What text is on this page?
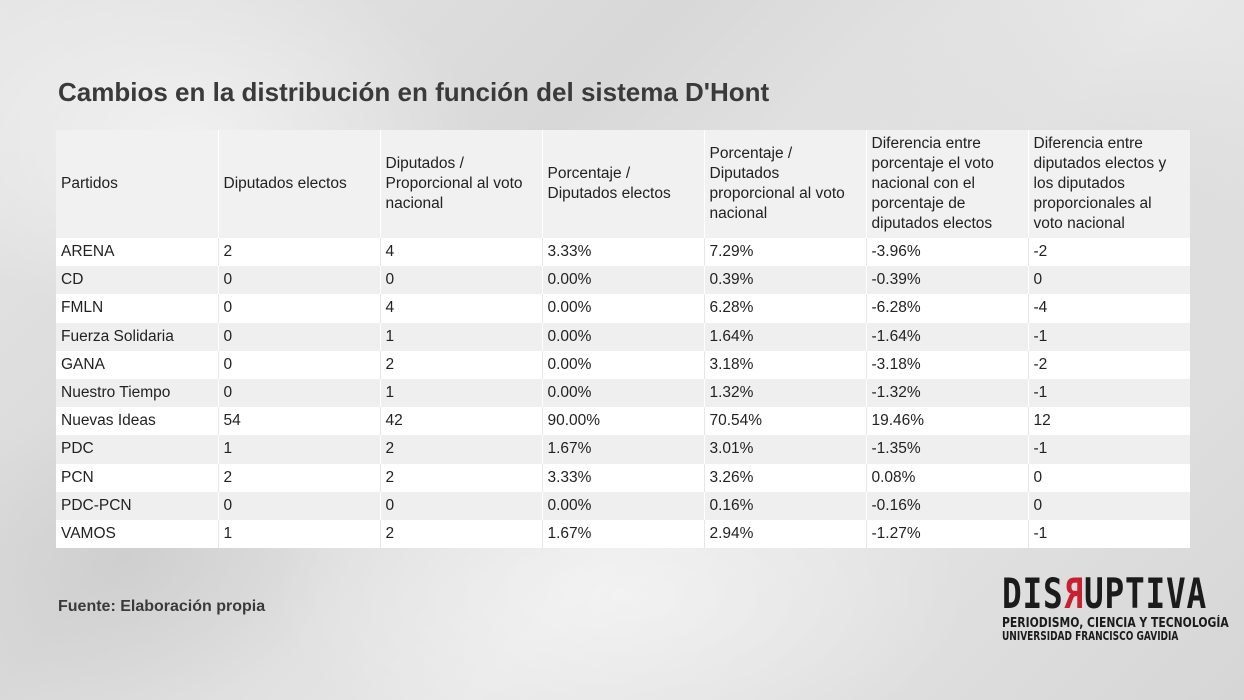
Cambios en la distribución en función del sistema D'Hont
Partidos	Diputados electos	Diputados / Proporcional al voto nacional	Porcentaje / Diputados electos	Porcentaje / Diputados proporcional al voto nacional	Diferencia entre porcentaje el voto nacional con el porcentaje de diputados electos	Diferencia entre diputados electos y los diputados proporcionales al voto nacional
ARENA	2	4	3.33%	7.29%	-3.96%	-2
CD	0	0	0.00%	0.39%	-0.39%	0
FMLN	0	4	0.00%	6.28%	-6.28%	-4
Fuerza Solidaria	0	1	0.00%	1.64%	-1.64%	-1
GANA	0	2	0.00%	3.18%	-3.18%	-2
Nuestro Tiempo	0	1	0.00%	1.32%	-1.32%	-1
Nuevas Ideas	54	42	90.00%	70.54%	19.46%	12
PDC	1	2	1.67%	3.01%	-1.35%	-1
PCN	2	2	3.33%	3.26%	0.08%	0
PDC-PCN	0	0	0.00%	0.16%	-0.16%	0
VAMOS	1	2	1.67%	2.94%	-1.27%	-1
Fuente: Elaboración propia	DISRUPTIVA
PERIODISMO, CIENCIA Y TECNOLOGÍA
UNIVERSIDAD FRANCISCO GAVIDIA
